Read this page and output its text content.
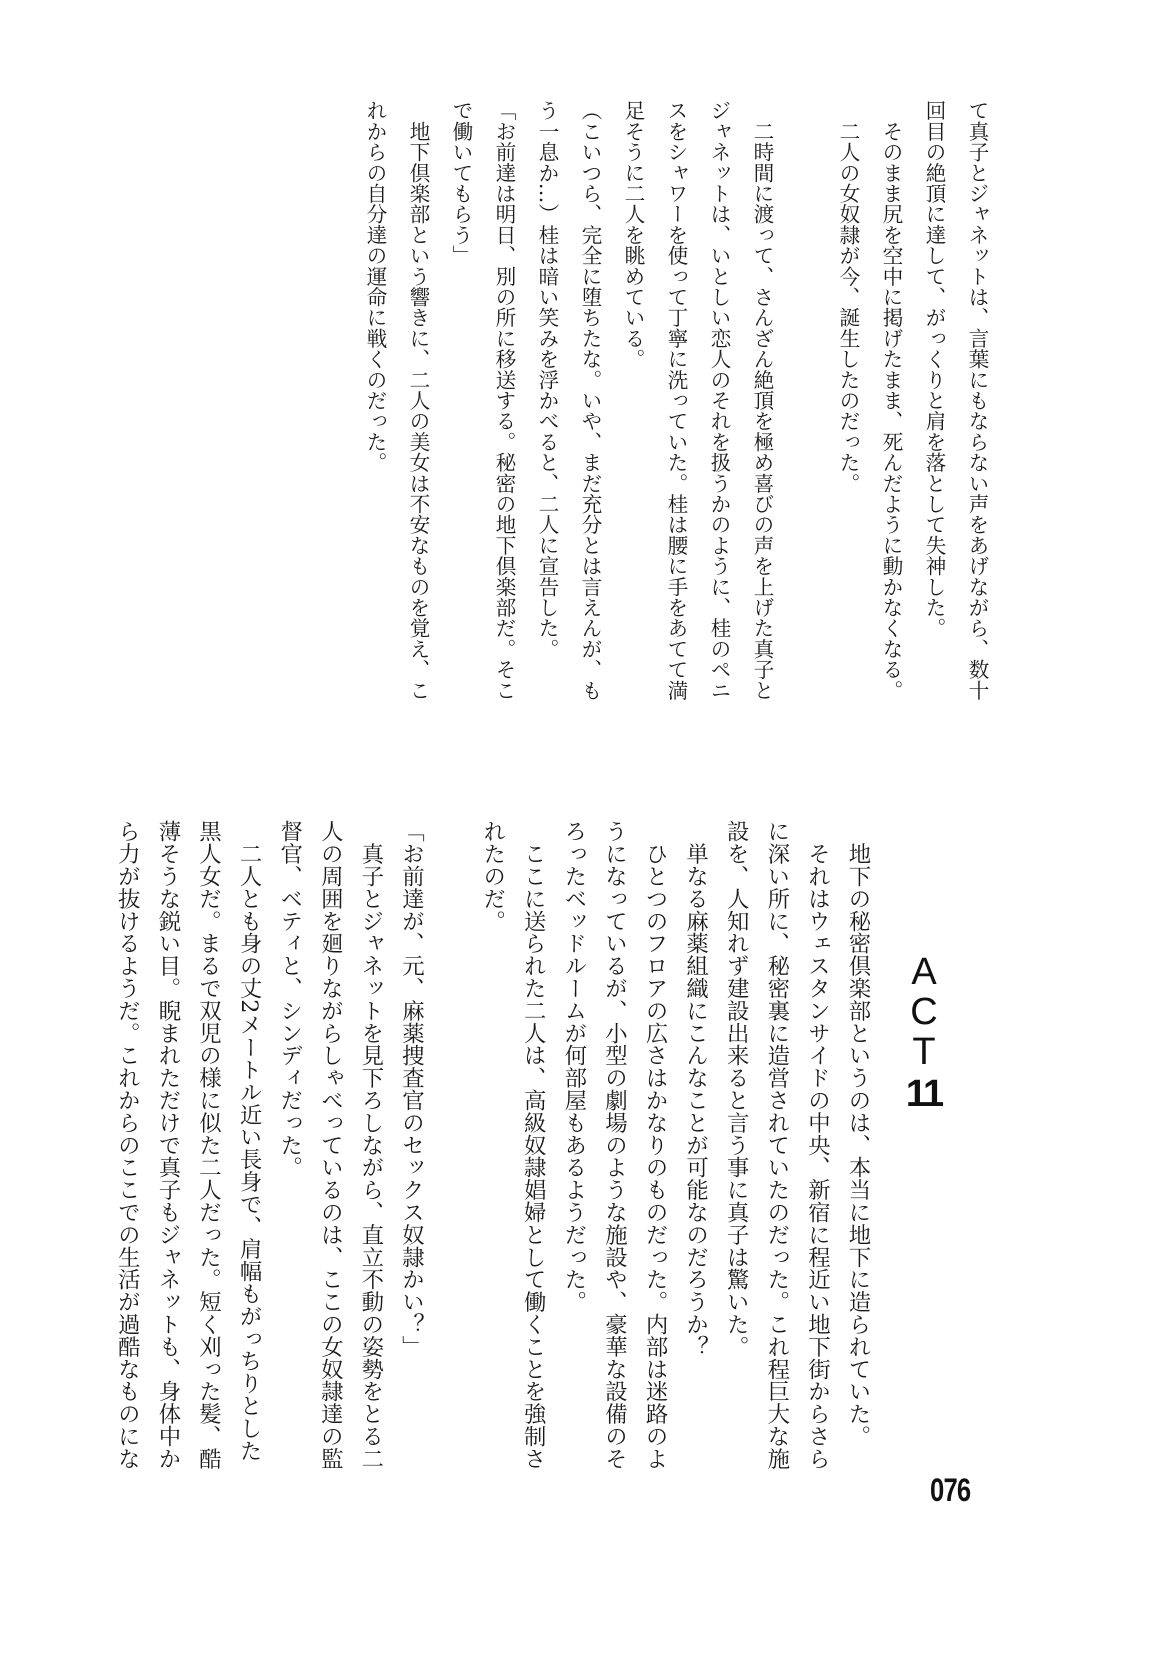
て真子とジャネットは、言葉にもならない声をあげながら、数十
回目の絶頂に達して、がっくりと肩を落として失神した。
　そのまま尻を空中に掲げたまま、死んだように動かなくなる。
　二人の女奴隷が今、誕生したのだった。
　二時間に渡って、さんざん絶頂を極め喜びの声を上げた真子と
ジャネットは、いとしい恋人のそれを扱うかのように、桂のペニ
スをシャワーを使って丁寧に洗っていた。桂は腰に手をあてて満
足そうに二人を眺めている。
（こいつら、完全に堕ちたな。いや、まだ充分とは言えんが、も
う一息か…）桂は暗い笑みを浮かべると、二人に宣告した。
「お前達は明日、別の所に移送する。秘密の地下倶楽部だ。そこ
で働いてもらう」
　地下倶楽部という響きに、二人の美女は不安なものを覚え、こ
れからの自分達の運命に戦くのだった。
A
C
T
11
　地下の秘密倶楽部というのは、本当に地下に造られていた。
　それはウェスタンサイドの中央、新宿に程近い地下街からさら
に深い所に、秘密裏に造営されていたのだった。これ程巨大な施
設を、人知れず建設出来ると言う事に真子は驚いた。
　単なる麻薬組織にこんなことが可能なのだろうか？
　ひとつのフロアの広さはかなりのものだった。内部は迷路のよ
うになっているが、小型の劇場のような施設や、豪華な設備のそ
ろったベッドルームが何部屋もあるようだった。
　ここに送られた二人は、高級奴隷娼婦として働くことを強制さ
れたのだ。
「お前達が、元、麻薬捜査官のセックス奴隷かい？」
　真子とジャネットを見下ろしながら、直立不動の姿勢をとる二
人の周囲を廻りながらしゃべっているのは、ここの女奴隷達の監
督官、ベティと、シンディだった。
　二人とも身の丈2メートル近い長身で、肩幅もがっちりとした
黒人女だ。まるで双児の様に似た二人だった。短く刈った髪、酷
薄そうな鋭い目。睨まれただけで真子もジャネットも、身体中か
ら力が抜けるようだ。これからのここでの生活が過酷なものにな
076
